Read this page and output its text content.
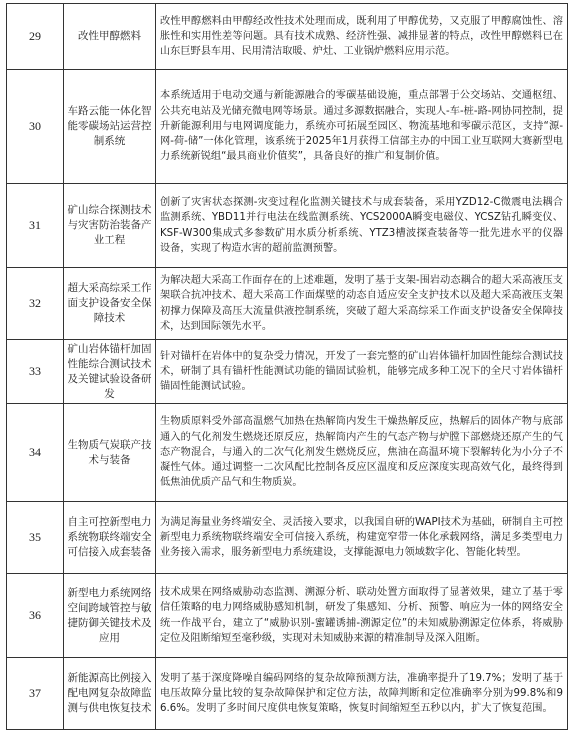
29	改性甲醇燃料	改性甲醇燃料由甲醇经改性技术处理而成，既利用了甲醇优势，又克服了甲醇腐蚀性、溶胀性和实用性差等问题。具有技术成熟、经济性强、减排显著的特点，改性甲醇燃料已在山东巨野县车用、民用清洁取暖、炉灶、工业锅炉燃料应用示范。
30	车路云能一体化智能零碳场站运营控制系统	本系统适用于电动交通与新能源融合的零碳基础设施，重点部署于公交场站、交通枢纽、公共充电站及光储充微电网等场景。通过多源数据融合，实现人-车-桩-路-网协同控制，提升新能源利用与电网调度能力，系统亦可拓展至园区、物流基地和零碳示范区，支持“源-网-荷-储”一体化管理，该系统于2025年1月获得工信部主办的中国工业互联网大赛新型电力系统新锐组“最具商业价值奖”，具备良好的推广和复制价值。
31	矿山综合探测技术与灾害防治装备产业工程	创新了灾害状态探测-灾变过程化监测关键技术与成套装备，采用YZD12-C微震电法耦合监测系统、YBD11并行电法在线监测系统、YCS2000A瞬变电磁仪、YCSZ钻孔瞬变仪、KSF-W300集成式多参数矿用水质分析系统、YTZ3槽波探查装备等一批先进水平的仪器设备，实现了构造水害的超前监测预警。
32	超大采高综采工作面支护设备安全保障技术	为解决超大采高工作面存在的上述难题，发明了基于支架-围岩动态耦合的超大采高液压支架联合抗冲技术、超大采高工作面煤壁的动态自适应安全支护技术以及超大采高液压支架初撑力保障及高压大流量供液控制系统，突破了超大采高综采工作面支护设备安全保障技术，达到国际领先水平。
33	矿山岩体锚杆加固性能综合测试技术及关键试验设备研发	针对锚杆在岩体中的复杂受力情况，开发了一套完整的矿山岩体锚杆加固性能综合测试技术，研制了具有锚杆性能测试功能的锚固试验机，能够完成多种工况下的全尺寸岩体锚杆锚固性能测试试验。
34	生物质气炭联产技术与装备	生物质原料受外部高温燃气加热在热解筒内发生干燥热解反应，热解后的固体产物与底部通入的气化剂发生燃烧还原反应，热解筒内产生的气态产物与炉膛下部燃烧还原产生的气态产物混合，与通入的二次气化剂发生燃烧反应，焦油在高温环境下裂解转化为小分子不凝性气体。通过调整一二次风配比控制各反应区温度和反应深度实现高效气化，最终得到低焦油优质产品气和生物质炭。
35	自主可控新型电力系统物联终端安全可信接入成套装备	为满足海量业务终端安全、灵活接入要求，以我国自研的WAPI技术为基础，研制自主可控新型电力系统物联终端安全可信接入系统，构建宽窄带一体化承载网络，满足多类型电力业务接入需求，服务新型电力系统建设，支撑能源电力领域数字化、智能化转型。
36	新型电力系统网络空间跨域管控与敏捷防御关键技术及应用	技术成果在网络威胁动态监测、溯源分析、联动处置方面取得了显著效果，建立了基于零信任策略的电力网络威胁感知机制，研发了集感知、分析、预警、响应为一体的网络安全统一作战平台，建立了“威胁识别-蜜罐诱捕-溯源定位”的未知威胁溯源定位体系，将威胁定位及阻断缩短至毫秒级，实现对未知威胁来源的精准制导及深入阻断。
37	新能源高比例接入配电网复杂故障监测与供电恢复技术	发明了基于深度降噪自编码网络的复杂故障预测方法，准确率提升了19.7%；发明了基于电压故障分量比较的复杂故障保护和定位方法，故障判断和定位准确率分别为99.8%和96.6%。发明了多时间尺度供电恢复策略，恢复时间缩短至五秒以内，扩大了恢复范围。
